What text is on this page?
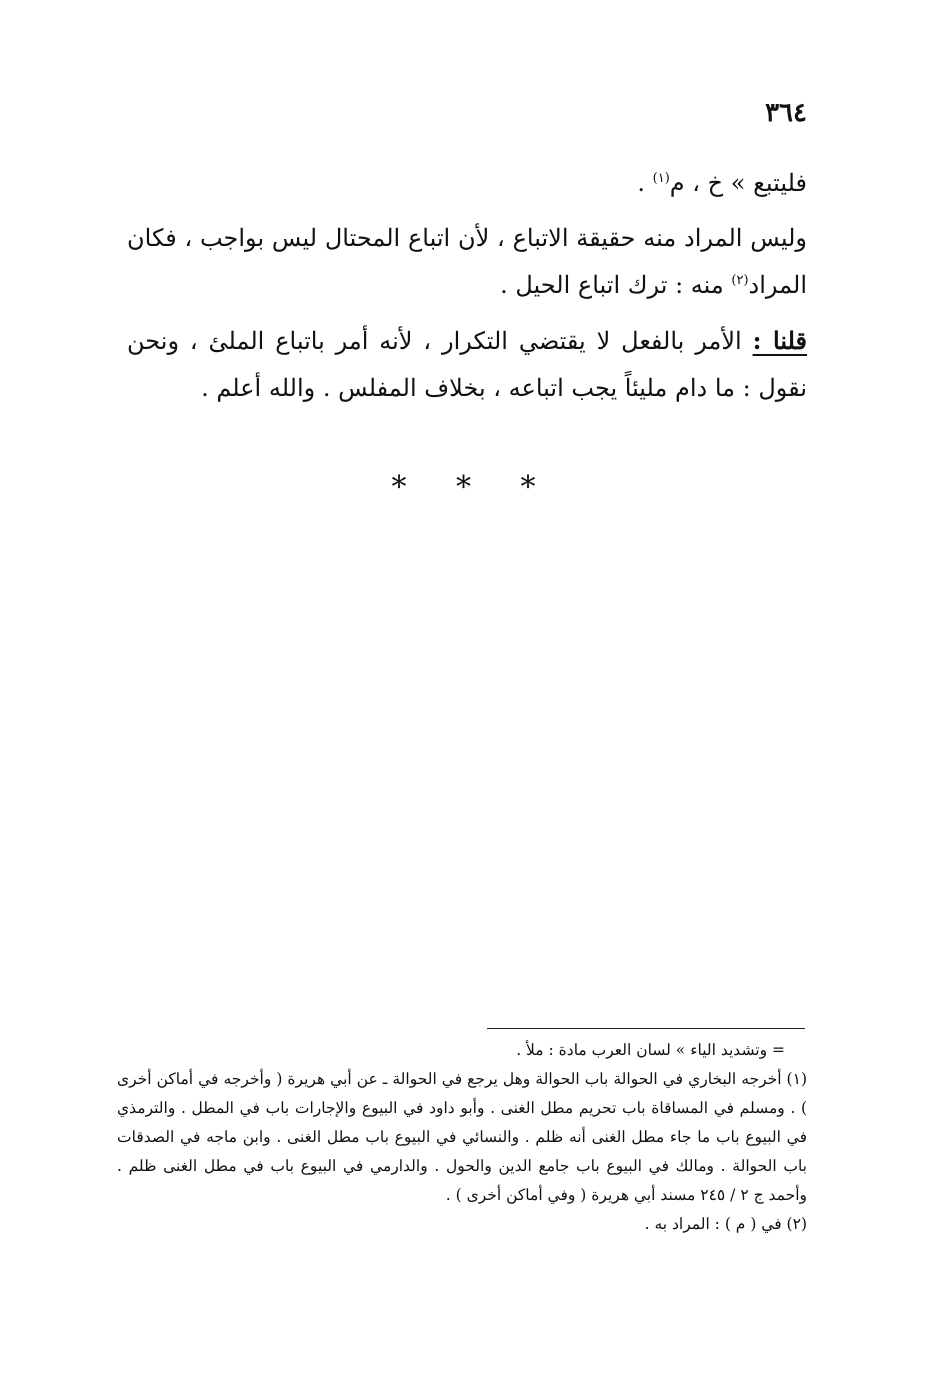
٣٦٤

فليتبع » خ ، م$^{(١)}$ .

وليس المراد منه حقيقة الاتباع ، لأن اتباع المحتال ليس بواجب ، فكان المراد$^{(٢)}$ منه : ترك اتباع الحيل .

قلنا : الأمر بالفعل لا يقتضي التكرار ، لأنه أمر باتباع الملئ ، ونحن نقول : ما دام مليئاً يجب اتباعه ، بخلاف المفلس . والله أعلم .

* * *

= وتشديد الياء » لسان العرب مادة : ملأ .

(١) أخرجه البخاري في الحوالة باب الحوالة وهل يرجع في الحوالة ـ عن أبي هريرة ( وأخرجه في أماكن أخرى ) . ومسلم في المساقاة باب تحريم مطل الغنى . وأبو داود في البيوع والإجارات باب في المطل . والترمذي في البيوع باب ما جاء مطل الغنى أنه ظلم . والنسائي في البيوع باب مطل الغنى . وابن ماجه في الصدقات باب الحوالة . ومالك في البيوع باب جامع الدين والحول . والدارمي في البيوع باب في مطل الغنى ظلم . وأحمد ج ٢ / ٢٤٥ مسند أبي هريرة ( وفي أماكن أخرى ) .

(٢) في ( م ) : المراد به .
